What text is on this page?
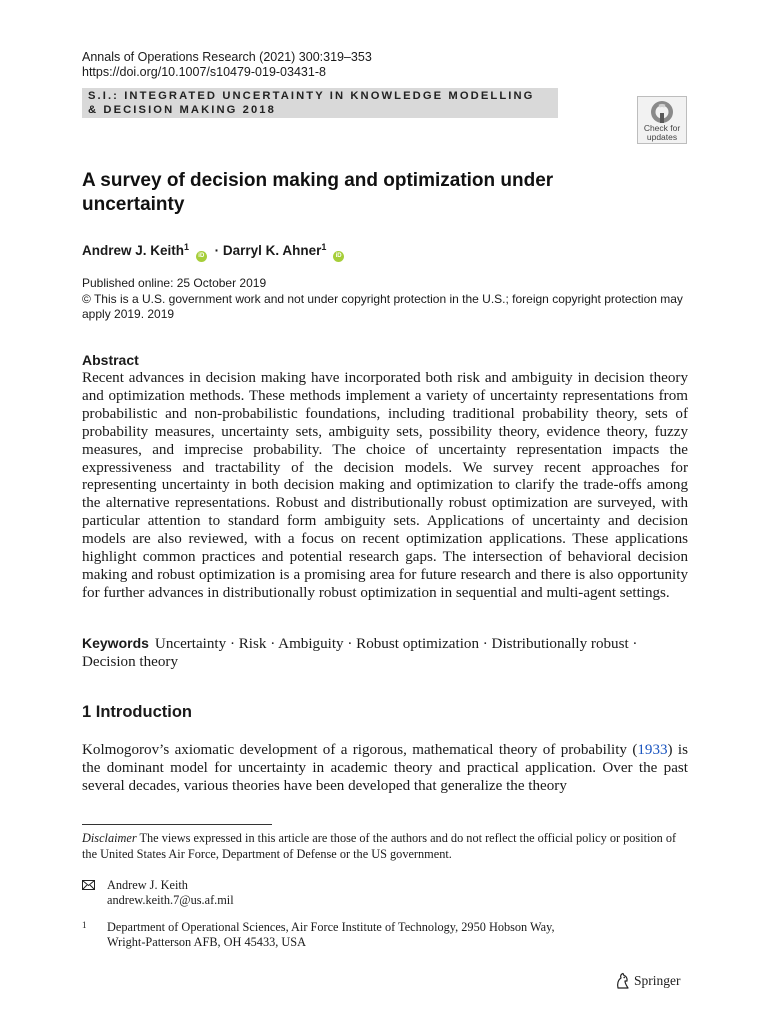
Annals of Operations Research (2021) 300:319–353
https://doi.org/10.1007/s10479-019-03431-8
S.I.: INTEGRATED UNCERTAINTY IN KNOWLEDGE MODELLING
& DECISION MAKING 2018
Check for
updates
A survey of decision making and optimization under uncertainty
Andrew J. Keith$^1$ iD · Darryl K. Ahner$^1$ iD
Published online: 25 October 2019
© This is a U.S. government work and not under copyright protection in the U.S.; foreign copyright protection may apply 2019. 2019
Abstract
Recent advances in decision making have incorporated both risk and ambiguity in decision theory and optimization methods. These methods implement a variety of uncertainty representations from probabilistic and non-probabilistic foundations, including traditional probability theory, sets of probability measures, uncertainty sets, ambiguity sets, possibility theory, evidence theory, fuzzy measures, and imprecise probability. The choice of uncertainty representation impacts the expressiveness and tractability of the decision models. We survey recent approaches for representing uncertainty in both decision making and optimization to clarify the trade-offs among the alternative representations. Robust and distributionally robust optimization are surveyed, with particular attention to standard form ambiguity sets. Applications of uncertainty and decision models are also reviewed, with a focus on recent optimization applications. These applications highlight common practices and potential research gaps. The intersection of behavioral decision making and robust optimization is a promising area for future research and there is also opportunity for further advances in distributionally robust optimization in sequential and multi-agent settings.
Keywords Uncertainty · Risk · Ambiguity · Robust optimization · Distributionally robust · Decision theory
1 Introduction
Kolmogorov’s axiomatic development of a rigorous, mathematical theory of probability (1933) is the dominant model for uncertainty in academic theory and practical application. Over the past several decades, various theories have been developed that generalize the theory
Disclaimer The views expressed in this article are those of the authors and do not reflect the official policy or position of the United States Air Force, Department of Defense or the US government.
Andrew J. Keith
andrew.keith.7@us.af.mil
1 Department of Operational Sciences, Air Force Institute of Technology, 2950 Hobson Way,
Wright-Patterson AFB, OH 45433, USA
Springer
